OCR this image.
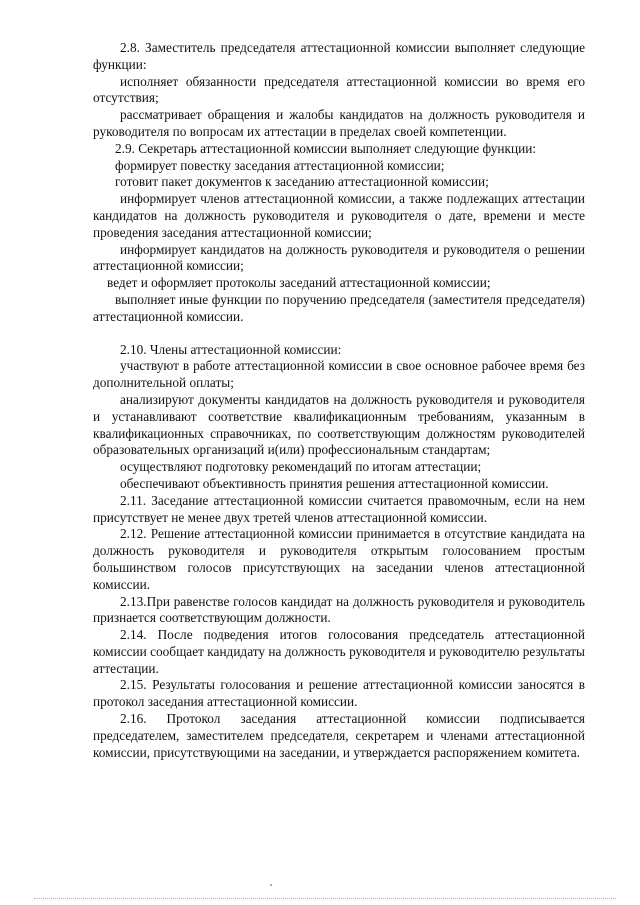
2.8. Заместитель председателя аттестационной комиссии выполняет следующие функции:

исполняет обязанности председателя аттестационной комиссии во время его отсутствия;

рассматривает обращения и жалобы кандидатов на должность руководителя и руководителя по вопросам их аттестации в пределах своей компетенции.

2.9. Секретарь аттестационной комиссии выполняет следующие функции:

формирует повестку заседания аттестационной комиссии;

готовит пакет документов к заседанию аттестационной комиссии;

информирует членов аттестационной комиссии, а также подлежащих аттестации кандидатов на должность руководителя и руководителя о дате, времени и месте проведения заседания аттестационной комиссии;

информирует кандидатов на должность руководителя и руководителя о решении аттестационной комиссии;

ведет и оформляет протоколы заседаний аттестационной комиссии;

выполняет иные функции по поручению председателя (заместителя председателя) аттестационной комиссии.

2.10. Члены аттестационной комиссии:

участвуют в работе аттестационной комиссии в свое основное рабочее время без дополнительной оплаты;

анализируют документы кандидатов на должность руководителя и руководителя и устанавливают соответствие квалификационным требованиям, указанным в квалификационных справочниках, по соответствующим должностям руководителей образовательных организаций и(или) профессиональным стандартам;

осуществляют подготовку рекомендаций по итогам аттестации;

обеспечивают объективность принятия решения аттестационной комиссии.

2.11. Заседание аттестационной комиссии считается правомочным, если на нем присутствует не менее двух третей членов аттестационной комиссии.

2.12. Решение аттестационной комиссии принимается в отсутствие кандидата на должность руководителя и руководителя открытым голосованием простым большинством голосов присутствующих на заседании членов аттестационной комиссии.

2.13.При равенстве голосов кандидат на должность руководителя и руководитель признается соответствующим должности.

2.14. После подведения итогов голосования председатель аттестационной комиссии сообщает кандидату на должность руководителя и руководителю результаты аттестации.

2.15. Результаты голосования и решение аттестационной комиссии заносятся в протокол заседания аттестационной комиссии.

2.16. Протокол заседания аттестационной комиссии подписывается председателем, заместителем председателя, секретарем и членами аттестационной комиссии, присутствующими на заседании, и утверждается распоряжением комитета.
